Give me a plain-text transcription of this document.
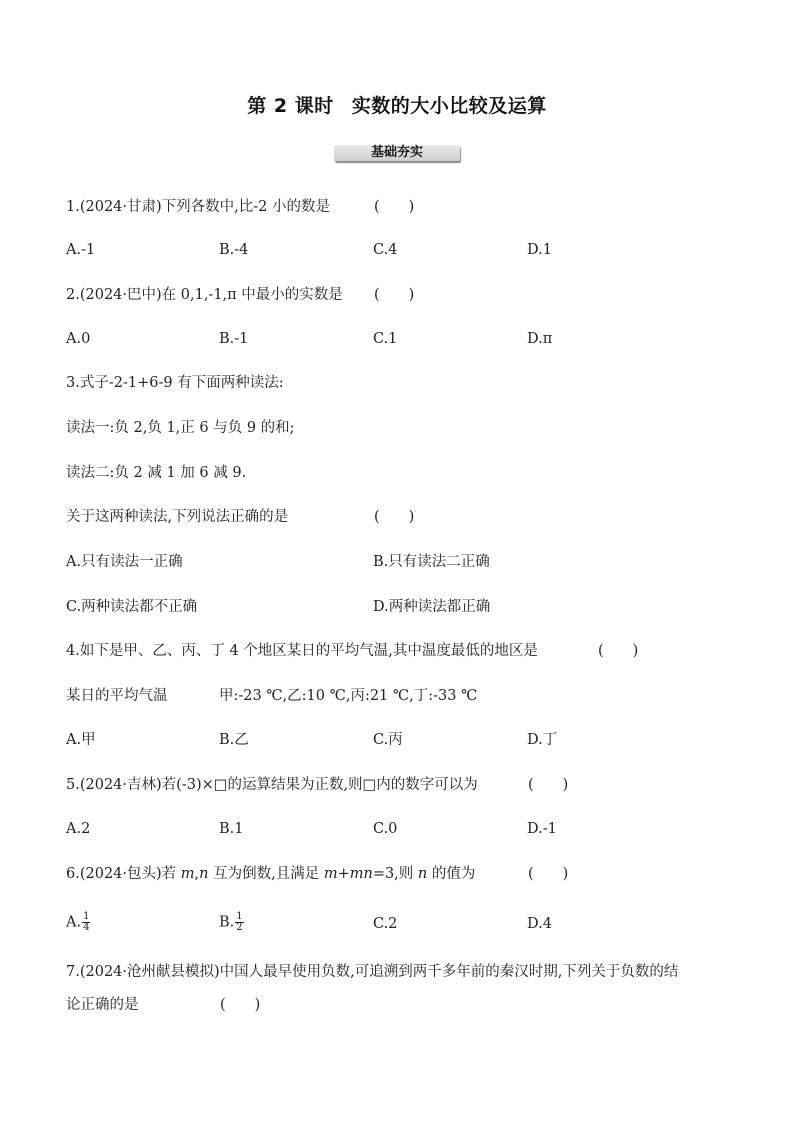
第 2 课时 实数的大小比较及运算
基础夯实
1.(2024·甘肃)下列各数中,比-2 小的数是	(　　)
A.-1	B.-4	C.4	D.1
2.(2024·巴中)在 0,1,-1,π 中最小的实数是 (　　)
A.0	B.-1	C.1	D.π
3.式子-2-1+6-9 有下面两种读法:
读法一:负 2,负 1,正 6 与负 9 的和;
读法二:负 2 减 1 加 6 减 9.
关于这两种读法,下列说法正确的是	(　　)
A.只有读法一正确	B.只有读法二正确
C.两种读法都不正确	D.两种读法都正确
4.如下是甲、乙、丙、丁 4 个地区某日的平均气温,其中温度最低的地区是	(　　)
某日的平均气温	甲:-23 ℃,乙:10 ℃,丙:21 ℃,丁:-33 ℃
A.甲	B.乙	C.丙	D.丁
5.(2024·吉林)若(-3)×□的运算结果为正数,则□内的数字可以为	(　　)
A.2	B.1	C.0	D.-1
6.(2024·包头)若 m,n 互为倒数,且满足 m+mn=3,则 n 的值为	(　　)
A. $\frac{1}{4}$	B. $\frac{1}{2}$	C.2	D.4
7.(2024·沧州献县模拟)中国人最早使用负数,可追溯到两千多年前的秦汉时期,下列关于负数的结
论正确的是	(　　)
